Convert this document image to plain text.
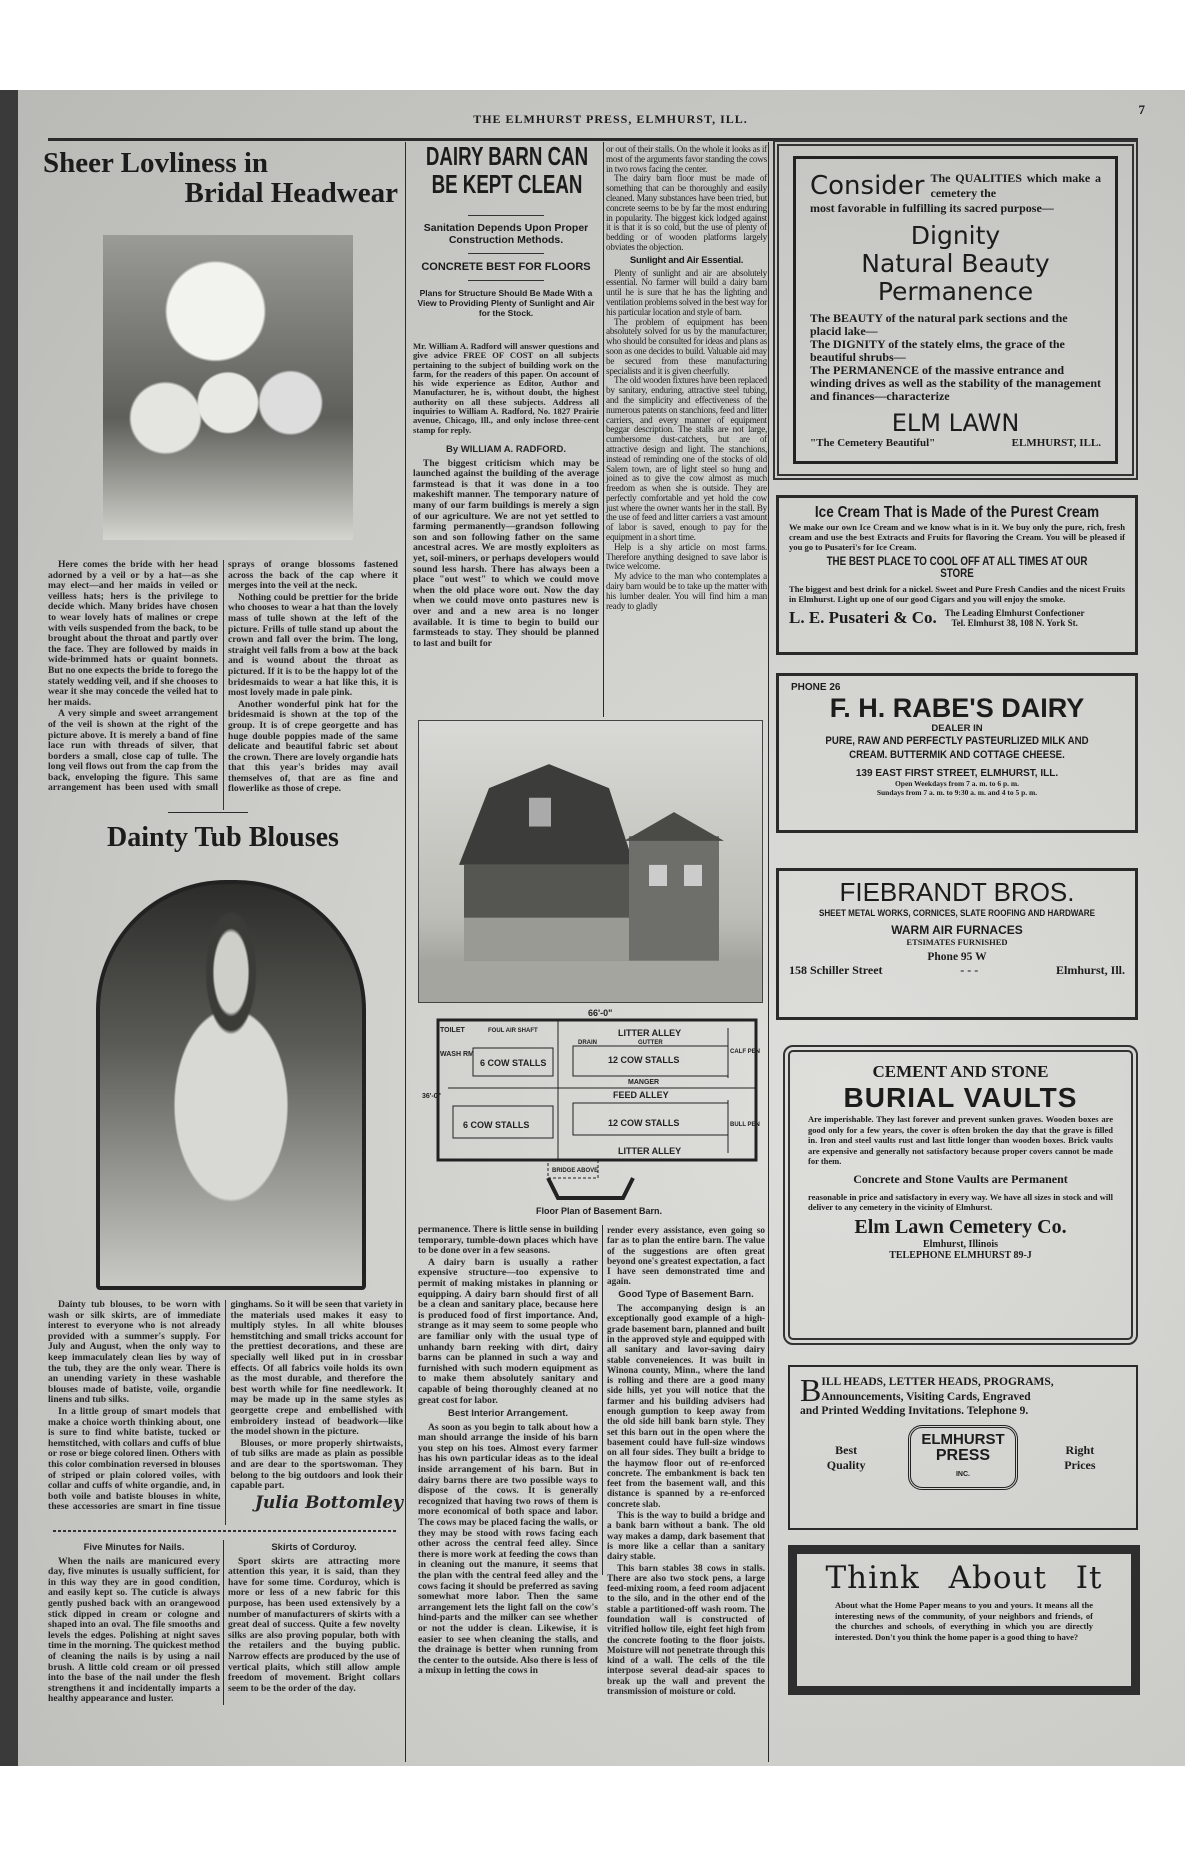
THE ELMHURST PRESS, ELMHURST, ILL.
7
Sheer Lovliness in
Bridal Headwear

Here comes the bride with her head adorned by a veil or by a hat—as she may elect—and her maids in veiled or veilless hats; hers is the privilege to decide which. Many brides have chosen to wear lovely hats of malines or crepe with veils suspended from the back, to be brought about the throat and partly over the face. They are followed by maids in wide-brimmed hats or quaint bonnets. But no one expects the bride to forego the stately wedding veil, and if she chooses to wear it she may concede the veiled hat to her maids.

A very simple and sweet arrangement of the veil is shown at the right of the picture above. It is merely a band of fine lace run with threads of silver, that borders a small, close cap of tulle. The long veil flows out from the cap from the back, enveloping the figure. This same arrangement has been used with small sprays of orange blossoms fastened across the back of the cap where it merges into the veil at the neck.

Nothing could be prettier for the bride who chooses to wear a hat than the lovely mass of tulle shown at the left of the picture. Frills of tulle stand up about the crown and fall over the brim. The long, straight veil falls from a bow at the back and is wound about the throat as pictured. If it is to be the happy lot of the bridesmaids to wear a hat like this, it is most lovely made in pale pink.

Another wonderful pink hat for the bridesmaid is shown at the top of the group. It is of crepe georgette and has huge double poppies made of the same delicate and beautiful fabric set about the crown. There are lovely organdie hats that this year's brides may avail themselves of, that are as fine and flowerlike as those of crepe.

Dainty Tub Blouses

Dainty tub blouses, to be worn with wash or silk skirts, are of immediate interest to everyone who is not already provided with a summer's supply. For July and August, when the only way to keep immaculately clean lies by way of the tub, they are the only wear. There is an unending variety in these washable blouses made of batiste, voile, organdie linens and tub silks.

In a little group of smart models that make a choice worth thinking about, one is sure to find white batiste, tucked or hemstitched, with collars and cuffs of blue or rose or biege colored linen. Others with this color combination reversed in blouses of striped or plain colored voiles, with collar and cuffs of white organdie, and, in both voile and batiste blouses in white, these accessories are smart in fine tissue ginghams. So it will be seen that variety in the materials used makes it easy to multiply styles. In all white blouses hemstitching and small tricks account for the prettiest decorations, and these are specially well liked put in in crossbar effects. Of all fabrics voile holds its own as the most durable, and therefore the best worth while for fine needlework. It may be made up in the same styles as georgette crepe and embellished with embroidery instead of beadwork—like the model shown in the picture.

Blouses, or more properly shirtwaists, of tub silks are made as plain as possible and are dear to the sportswoman. They belong to the big outdoors and look their capable part.

Julia Bottomley
Five Minutes for Nails.

When the nails are manicured every day, five minutes is usually sufficient, for in this way they are in good condition, and easily kept so. The cuticle is always gently pushed back with an orangewood stick dipped in cream or cologne and shaped into an oval. The file smooths and levels the edges. Polishing at night saves time in the morning. The quickest method of cleaning the nails is by using a nail brush. A little cold cream or oil pressed into the base of the nail under the flesh strengthens it and incidentally imparts a healthy appearance and luster.

Skirts of Corduroy.

Sport skirts are attracting more attention this year, it is said, than they have for some time. Corduroy, which is more or less of a new fabric for this purpose, has been used extensively by a number of manufacturers of skirts with a great deal of success. Quite a few novelty silks are also proving popular, both with the retailers and the buying public. Narrow effects are produced by the use of vertical plaits, which still allow ample freedom of movement. Bright collars seem to be the order of the day.

DAIRY BARN CAN
BE KEPT CLEAN
Sanitation Depends Upon Proper Construction Methods.
CONCRETE BEST FOR FLOORS
Plans for Structure Should Be Made With a View to Providing Plenty of Sunlight and Air for the Stock.
Mr. William A. Radford will answer questions and give advice FREE OF COST on all subjects pertaining to the subject of building work on the farm, for the readers of this paper. On account of his wide experience as Editor, Author and Manufacturer, he is, without doubt, the highest authority on all these subjects. Address all inquiries to William A. Radford, No. 1827 Prairie avenue, Chicago, Ill., and only inclose three-cent stamp for reply.
By WILLIAM A. RADFORD.

The biggest criticism which may be launched against the building of the average farmstead is that it was done in a too makeshift manner. The temporary nature of many of our farm buildings is merely a sign of our agriculture. We are not yet settled to farming permanently—grandson following son and son following father on the same ancestral acres. We are mostly exploiters as yet, soil-miners, or perhaps developers would sound less harsh. There has always been a place "out west" to which we could move when the old place wore out. Now the day when we could move onto pastures new is over and and a new area is no longer available. It is time to begin to build our farmsteads to stay. They should be planned to last and built for

or out of their stalls. On the whole it looks as if most of the arguments favor standing the cows in two rows facing the center.

The dairy barn floor must be made of something that can be thoroughly and easily cleaned. Many substances have been tried, but concrete seems to be by far the most enduring in popularity. The biggest kick lodged against it is that it is so cold, but the use of plenty of bedding or of wooden platforms largely obviates the objection.

Sunlight and Air Essential.

Plenty of sunlight and air are absolutely essential. No farmer will build a dairy barn until he is sure that he has the lighting and ventilation problems solved in the best way for his particular location and style of barn.

The problem of equipment has been absolutely solved for us by the manufacturer, who should be consulted for ideas and plans as soon as one decides to build. Valuable aid may be secured from these manufacturing specialists and it is given cheerfully.

The old wooden fixtures have been replaced by sanitary, enduring, attractive steel tubing, and the simplicity and effectiveness of the numerous patents on stanchions, feed and litter carriers, and every manner of equipment beggar description. The stalls are not large, cumbersome dust-catchers, but are of attractive design and light. The stanchions, instead of reminding one of the stocks of old Salem town, are of light steel so hung and joined as to give the cow almost as much freedom as when she is outside. They are perfectly comfortable and yet hold the cow just where the owner wants her in the stall. By the use of feed and litter carriers a vast amount of labor is saved, enough to pay for the equipment in a short time.

Help is a shy article on most farms. Therefore anything designed to save labor is twice welcome.

My advice to the man who contemplates a dairy barn would be to take up the matter with his lumber dealer. You will find him a man ready to gladly

66'-0"
36'-0"
TOILET
WASH RM
FOUL AIR SHAFT	LITTER ALLEY
DRAIN	GUTTER
6 COW STALLS	12 COW STALLS
MANGER
FEED ALLEY
CALF PEN
BULL PEN
6 COW STALLS	12 COW STALLS
LITTER ALLEY
BRIDGE ABOVE
Floor Plan of Basement Barn.

permanence. There is little sense in building temporary, tumble-down places which have to be done over in a few seasons.

A dairy barn is usually a rather expensive structure—too expensive to permit of making mistakes in planning or equipping. A dairy barn should first of all be a clean and sanitary place, because here is produced food of first importance. And, strange as it may seem to some people who are familiar only with the usual type of unhandy barn reeking with dirt, dairy barns can be planned in such a way and furnished with such modern equipment as to make them absolutely sanitary and capable of being thoroughly cleaned at no great cost for labor.

Best Interior Arrangement.

As soon as you begin to talk about how a man should arrange the inside of his barn you step on his toes. Almost every farmer has his own particular ideas as to the ideal inside arrangement of his barn. But in dairy barns there are two possible ways to dispose of the cows. It is generally recognized that having two rows of them is more economical of both space and labor. The cows may be placed facing the walls, or they may be stood with rows facing each other across the central feed alley. Since there is more work at feeding the cows than in cleaning out the manure, it seems that the plan with the central feed alley and the cows facing it should be preferred as saving somewhat more labor. Then the same arrangement lets the light fall on the cow's hind-parts and the milker can see whether or not the udder is clean. Likewise, it is easier to see when cleaning the stalls, and the drainage is better when running from the center to the outside. Also there is less of a mixup in letting the cows in

render every assistance, even going so far as to plan the entire barn. The value of the suggestions are often great beyond one's greatest expectation, a fact I have seen demonstrated time and again.

Good Type of Basement Barn.

The accompanying design is an exceptionally good example of a high-grade basement barn, planned and built in the approved style and equipped with all sanitary and lavor-saving dairy stable conveneiences. It was built in Winona county, Minn., where the land is rolling and there are a good many side hills, yet you will notice that the farmer and his building advisers had enough gumption to keep away from the old side hill bank barn style. They set this barn out in the open where the basement could have full-size windows on all four sides. They built a bridge to the haymow floor out of re-enforced concrete. The embankment is back ten feet from the basement wall, and this distance is spanned by a re-enforced concrete slab.

This is the way to build a bridge and a bank barn without a bank. The old way makes a damp, dark basement that is more like a cellar than a sanitary dairy stable.

This barn stables 38 cows in stalls. There are also two stock pens, a large feed-mixing room, a feed room adjacent to the silo, and in the other end of the stable a partitioned-off wash room. The foundation wall is constructed of vitrified hollow tile, eight feet high from the concrete footing to the floor joists. Moisture will not penetrate through this kind of a wall. The cells of the tile interpose several dead-air spaces to break up the wall and prevent the transmission of moisture or cold.

Consider The QUALITIES which make a cemetery the
most favorable in fulfilling its sacred purpose—
Dignity
Natural Beauty
Permanence
The BEAUTY of the natural park sections and the placid lake—
The DIGNITY of the stately elms, the grace of the beautiful shrubs—
The PERMANENCE of the massive entrance and winding drives as well as the stability of the management and finances—characterize
ELM LAWN
"The Cemetery Beautiful"	ELMHURST, ILL.
Ice Cream That is Made of the Purest Cream
We make our own Ice Cream and we know what is in it. We buy only the pure, rich, fresh cream and use the best Extracts and Fruits for flavoring the Cream. You will be pleased if you go to Pusateri's for Ice Cream.
THE BEST PLACE TO COOL OFF AT ALL TIMES AT OUR STORE
The biggest and best drink for a nickel. Sweet and Pure Fresh Candies and the nicest Fruits in Elmhurst. Light up one of our good Cigars and you will enjoy the smoke.
L. E. Pusateri & Co. The Leading Elmhurst Confectioner
Tel. Elmhurst 38, 108 N. York St.
PHONE 26
F. H. RABE'S DAIRY
DEALER IN
PURE, RAW AND PERFECTLY PASTEURLIZED MILK AND CREAM. BUTTERMIK AND COTTAGE CHEESE.
139 EAST FIRST STREET, ELMHURST, ILL.
Open Weekdays from 7 a. m. to 6 p. m.
Sundays from 7 a. m. to 9:30 a. m. and 4 to 5 p. m.
FIEBRANDT BROS.
SHEET METAL WORKS, CORNICES, SLATE ROOFING AND HARDWARE
WARM AIR FURNACES
ETSIMATES FURNISHED
Phone 95 W
158 Schiller Street	- - -	Elmhurst, Ill.
CEMENT AND STONE
BURIAL VAULTS
Are imperishable. They last forever and prevent sunken graves. Wooden boxes are good only for a few years, the cover is often broken the day that the grave is filled in. Iron and steel vaults rust and last little longer than wooden boxes. Brick vaults are expensive and generally not satisfactory because proper covers cannot be made for them.
Concrete and Stone Vaults are Permanent
reasonable in price and satisfactory in every way. We have all sizes in stock and will deliver to any cemetery in the vicinity of Elmhurst.
Elm Lawn Cemetery Co.
Elmhurst, Illinois
TELEPHONE ELMHURST 89-J
B ILL HEADS, LETTER HEADS, PROGRAMS,
Announcements, Visiting Cards, Engraved
and Printed Wedding Invitations. Telephone 9.
Best Quality
ELMHURST
PRESS
INC.
Right Prices
Think About It
About what the Home Paper means to you and yours. It means all the interesting news of the community, of your neighbors and friends, of the churches and schools, of everything in which you are directly interested. Don't you think the home paper is a good thing to have?
